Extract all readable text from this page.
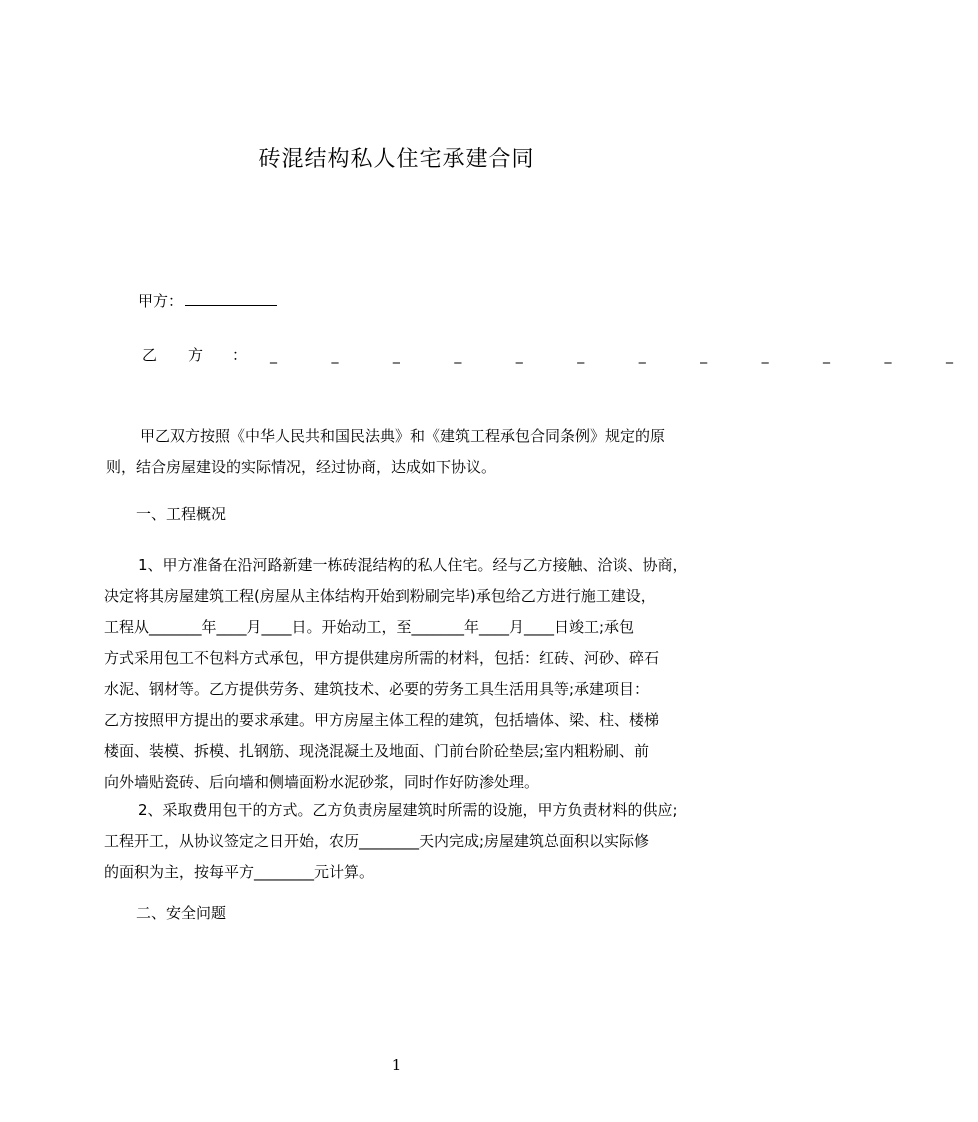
砖混结构私人住宅承建合同
甲方：
乙 方 ： _ _ _ _ _ _ _ _ _ _ _ _
甲乙双方按照《中华人民共和国民法典》和《建筑工程承包合同条例》规定的原
则，结合房屋建设的实际情况，经过协商，达成如下协议。
一、工程概况
1、甲方准备在沿河路新建一栋砖混结构的私人住宅。经与乙方接触、洽谈、协商，
决定将其房屋建筑工程(房屋从主体结构开始到粉刷完毕)承包给乙方进行施工建设，
工程从_______年____月____日。开始动工，至_______年____月____日竣工;承包
方式采用包工不包料方式承包，甲方提供建房所需的材料，包括：红砖、河砂、碎石
水泥、钢材等。乙方提供劳务、建筑技术、必要的劳务工具生活用具等;承建项目：
乙方按照甲方提出的要求承建。甲方房屋主体工程的建筑，包括墙体、梁、柱、楼梯
楼面、装模、拆模、扎钢筋、现浇混凝土及地面、门前台阶砼垫层;室内粗粉刷、前
向外墙贴瓷砖、后向墙和侧墙面粉水泥砂浆，同时作好防渗处理。
2、采取费用包干的方式。乙方负责房屋建筑时所需的设施，甲方负责材料的供应;
工程开工，从协议签定之日开始，农历________天内完成;房屋建筑总面积以实际修
的面积为主，按每平方________元计算。
二、安全问题
1
